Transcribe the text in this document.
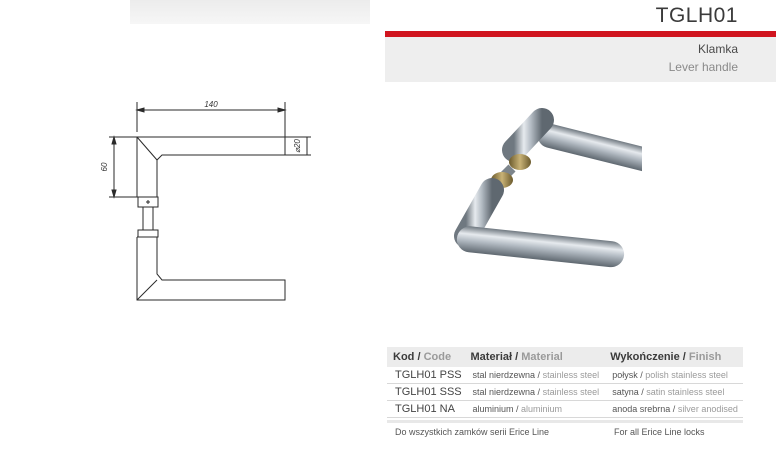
TGLH01
Klamka
Lever handle
140
60
⌀20
Kod / Code	Materiał / Material	Wykończenie / Finish
TGLH01 PSS	stal nierdzewna / stainless steel	połysk / polish stainless steel
TGLH01 SSS	stal nierdzewna / stainless steel	satyna / satin stainless steel
TGLH01 NA	aluminium / aluminium	anoda srebrna / silver anodised
Do wszystkich zamków serii Erice Line	For all Erice Line locks
